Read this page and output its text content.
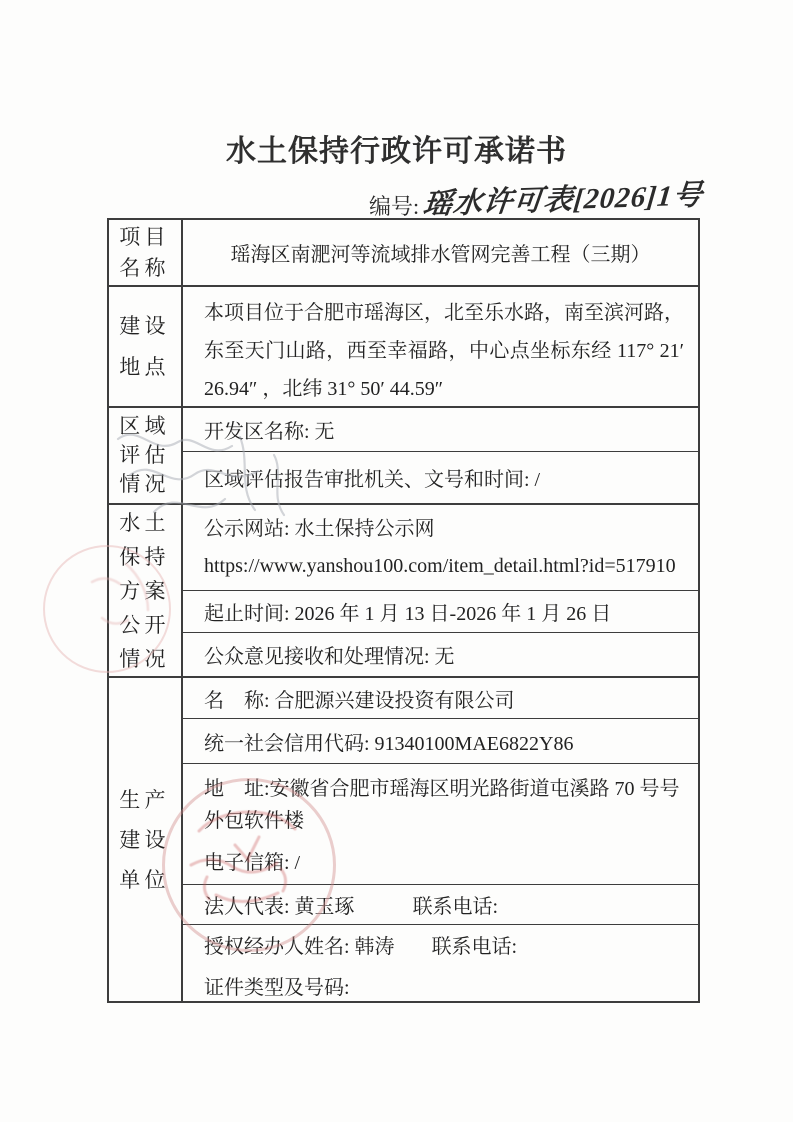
水土保持行政许可承诺书
编号:瑶水许可表[2026]1号
项目名称
瑶海区南淝河等流域排水管网完善工程（三期）
建设地点
本项目位于合肥市瑶海区，北至乐水路，南至滨河路，东至天门山路，西至幸福路，中心点坐标东经 117° 21′ 26.94″ ，北纬 31° 50′ 44.59″
区域评估情况
开发区名称: 无
区域评估报告审批机关、文号和时间: /
水土保持方案公开情况
公示网站: 水土保持公示网
https://www.yanshou100.com/item_detail.html?id=517910
起止时间: 2026 年 1 月 13 日-2026 年 1 月 26 日
公众意见接收和处理情况: 无
生产建设单位
名　称: 合肥源兴建设投资有限公司
统一社会信用代码: 91340100MAE6822Y86
地　址:安徽省合肥市瑶海区明光路街道屯溪路 70 号号外包软件楼
电子信箱: /
法人代表: 黄玉琢	联系电话:
授权经办人姓名: 韩涛 联系电话:
证件类型及号码:
